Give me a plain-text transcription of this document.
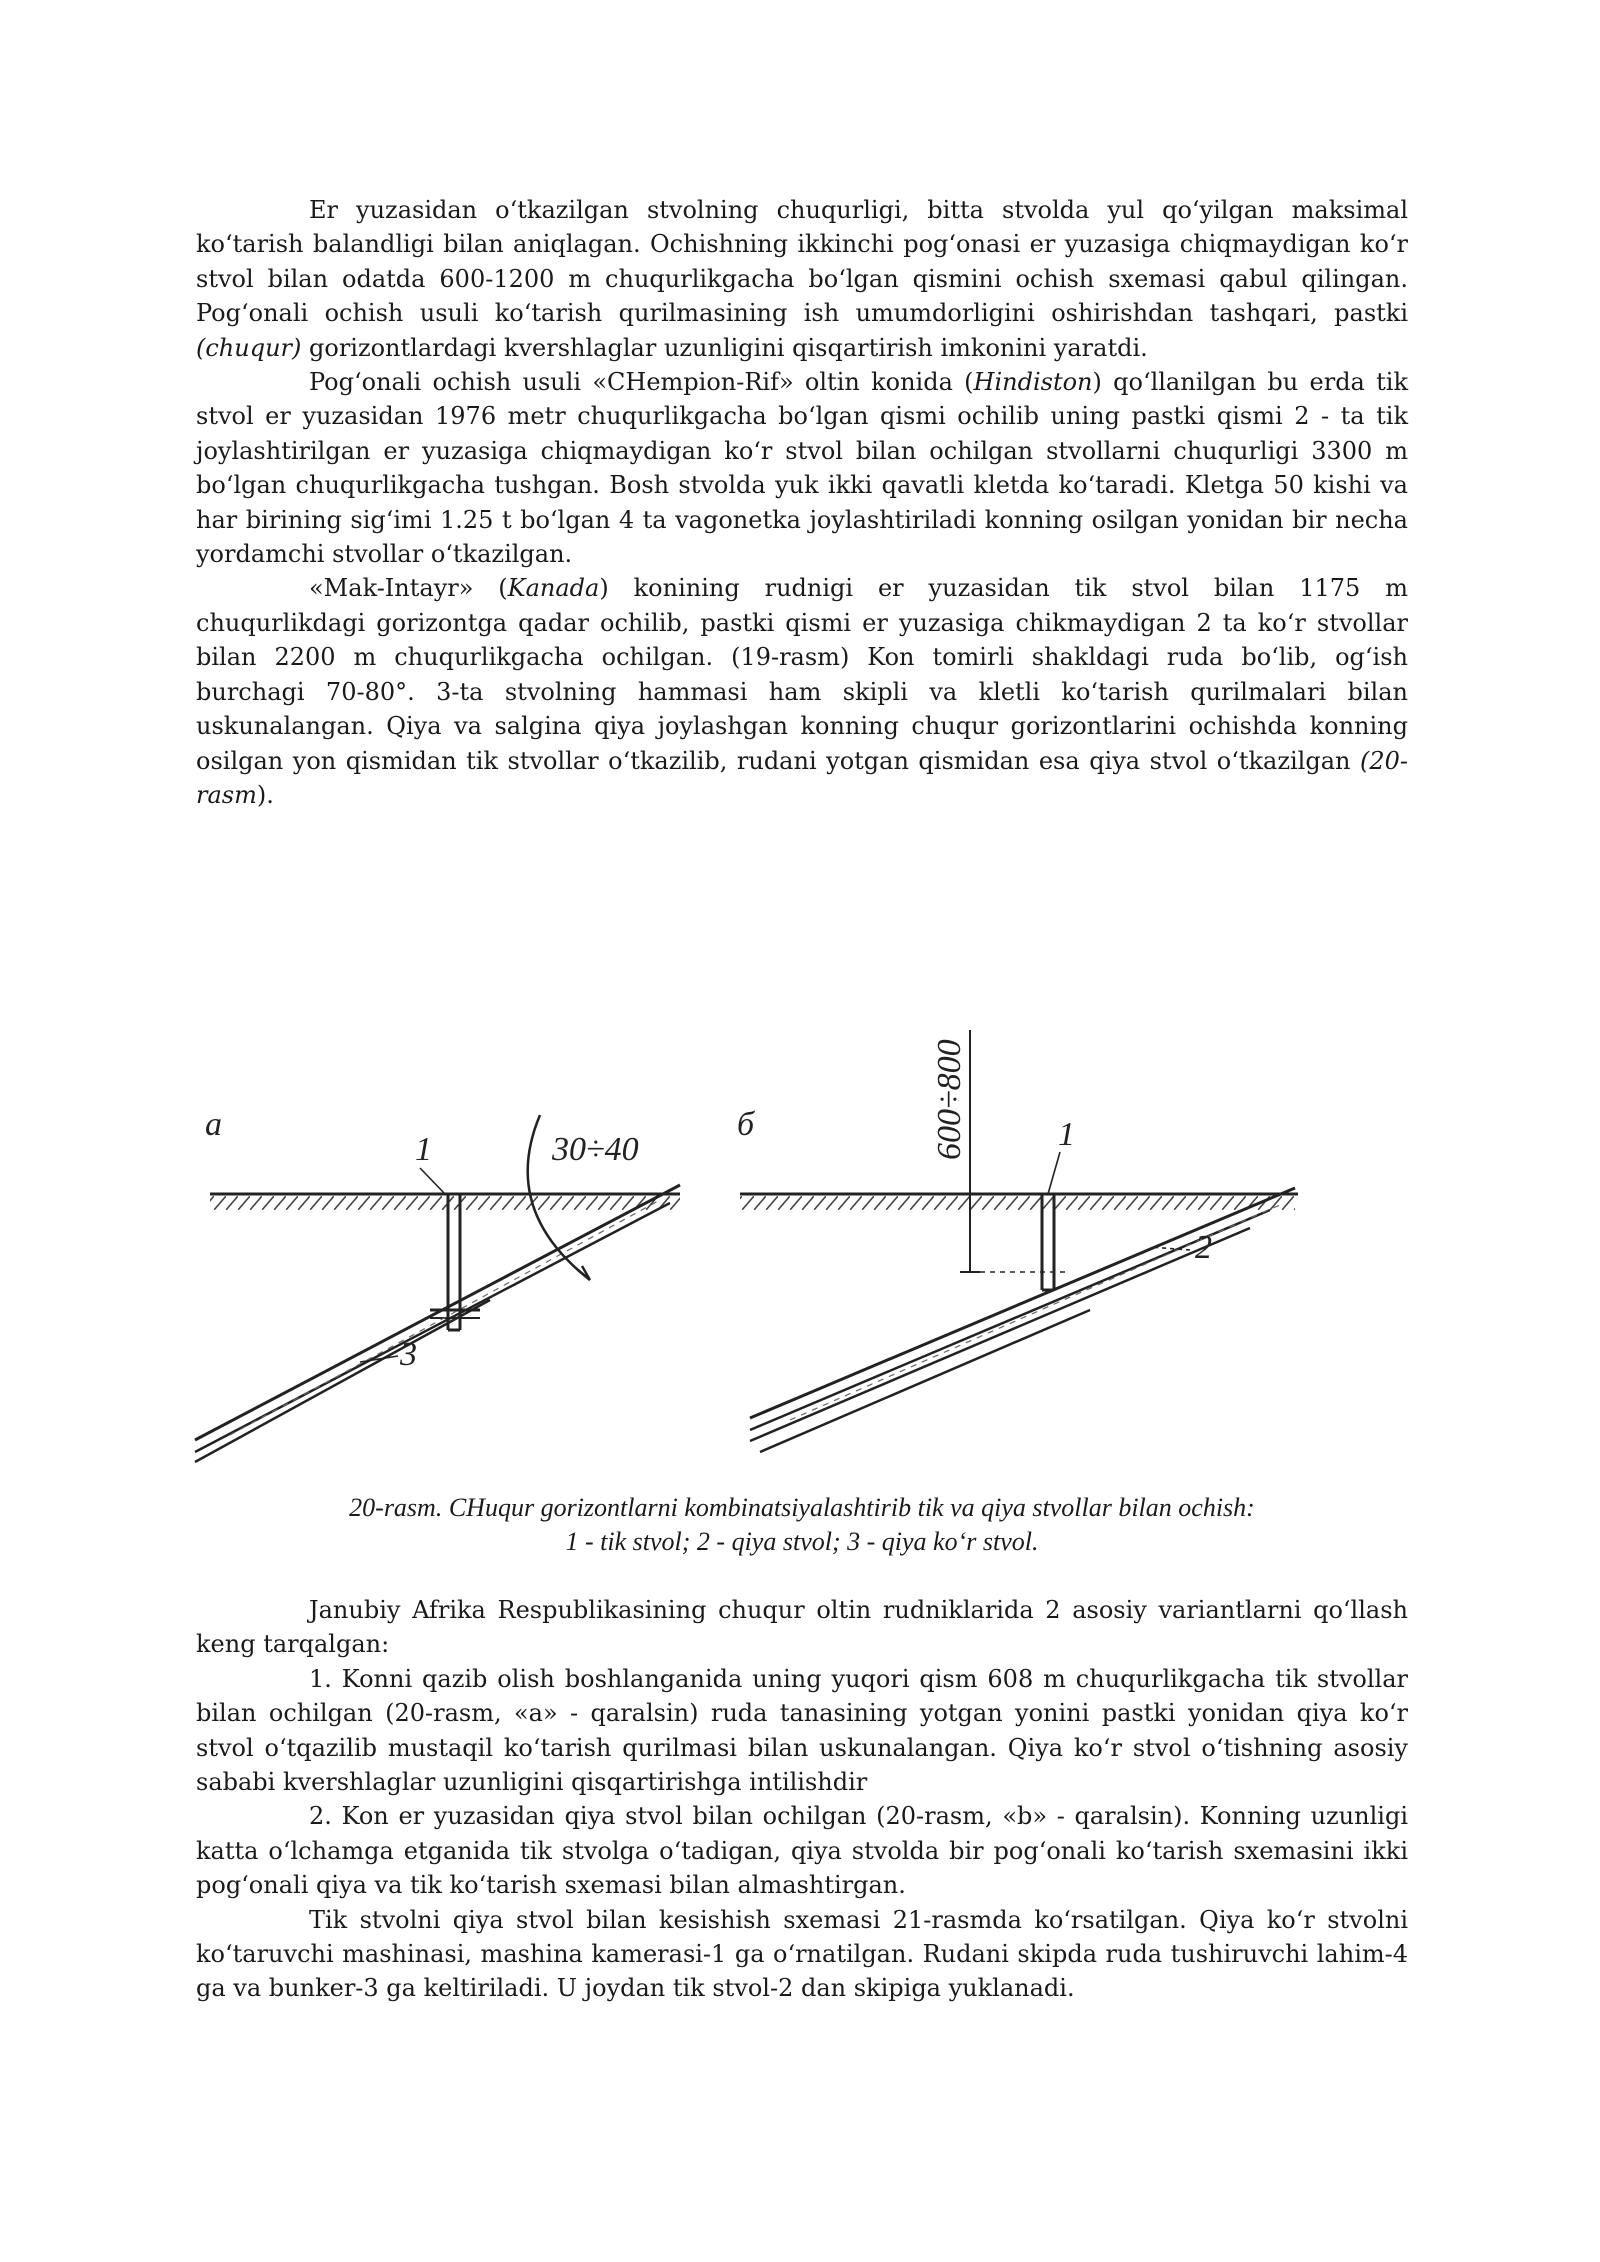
Er yuzasidan o‘tkazilgan stvolning chuqurligi, bitta stvolda yul qo‘yilgan maksimal ko‘tarish balandligi bilan aniqlagan. Ochishning ikkinchi pog‘onasi er yuzasiga chiqmaydigan ko‘r stvol bilan odatda 600-1200 m chuqurlikgacha bo‘lgan qismini ochish sxemasi qabul qilingan. Pog‘onali ochish usuli ko‘tarish qurilmasining ish umumdorligini oshirishdan tashqari, pastki (chuqur) gorizontlardagi kvershlaglar uzunligini qisqartirish imkonini yaratdi.

Pog‘onali ochish usuli «CHempion-Rif» oltin konida (Hindiston) qo‘llanilgan bu erda tik stvol er yuzasidan 1976 metr chuqurlikgacha bo‘lgan qismi ochilib uning pastki qismi 2 - ta tik joylashtirilgan er yuzasiga chiqmaydigan ko‘r stvol bilan ochilgan stvollarni chuqurligi 3300 m bo‘lgan chuqurlikgacha tushgan. Bosh stvolda yuk ikki qavatli kletda ko‘taradi. Kletga 50 kishi va har birining sig‘imi 1.25 t bo‘lgan 4 ta vagonetka joylashtiriladi konning osilgan yonidan bir necha yordamchi stvollar o‘tkazilgan.

«Mak-Intayr» (Kanada) konining rudnigi er yuzasidan tik stvol bilan 1175 m chuqurlikdagi gorizontga qadar ochilib, pastki qismi er yuzasiga chikmaydigan 2 ta ko‘r stvollar bilan 2200 m chuqurlikgacha ochilgan. (19-rasm) Kon tomirli shakldagi ruda bo‘lib, og‘ish burchagi 70-80°. 3-ta stvolning hammasi ham skipli va kletli ko‘tarish qurilmalari bilan uskunalangan. Qiya va salgina qiya joylashgan konning chuqur gorizontlarini ochishda konning osilgan yon qismidan tik stvollar o‘tkazilib, rudani yotgan qismidan esa qiya stvol o‘tkazilgan (20-rasm).

a
30÷40
1
3
б	600÷800	1
2
20-rasm. CHuqur gorizontlarni kombinatsiyalashtirib tik va qiya stvollar bilan ochish:
1 - tik stvol; 2 - qiya stvol; 3 - qiya ko‘r stvol.

Janubiy Afrika Respublikasining chuqur oltin rudniklarida 2 asosiy variantlarni qo‘llash keng tarqalgan:

1. Konni qazib olish boshlanganida uning yuqori qism 608 m chuqurlikgacha tik stvollar bilan ochilgan (20-rasm, «a» - qaralsin) ruda tanasining yotgan yonini pastki yonidan qiya ko‘r stvol o‘tqazilib mustaqil ko‘tarish qurilmasi bilan uskunalangan. Qiya ko‘r stvol o‘tishning asosiy sababi kvershlaglar uzunligini qisqartirishga intilishdir

2. Kon er yuzasidan qiya stvol bilan ochilgan (20-rasm, «b» - qaralsin). Konning uzunligi katta o‘lchamga etganida tik stvolga o‘tadigan, qiya stvolda bir pog‘onali ko‘tarish sxemasini ikki pog‘onali qiya va tik ko‘tarish sxemasi bilan almashtirgan.

Tik stvolni qiya stvol bilan kesishish sxemasi 21-rasmda ko‘rsatilgan. Qiya ko‘r stvolni ko‘taruvchi mashinasi, mashina kamerasi-1 ga o‘rnatilgan. Rudani skipda ruda tushiruvchi lahim-4 ga va bunker-3 ga keltiriladi. U joydan tik stvol-2 dan skipiga yuklanadi.
